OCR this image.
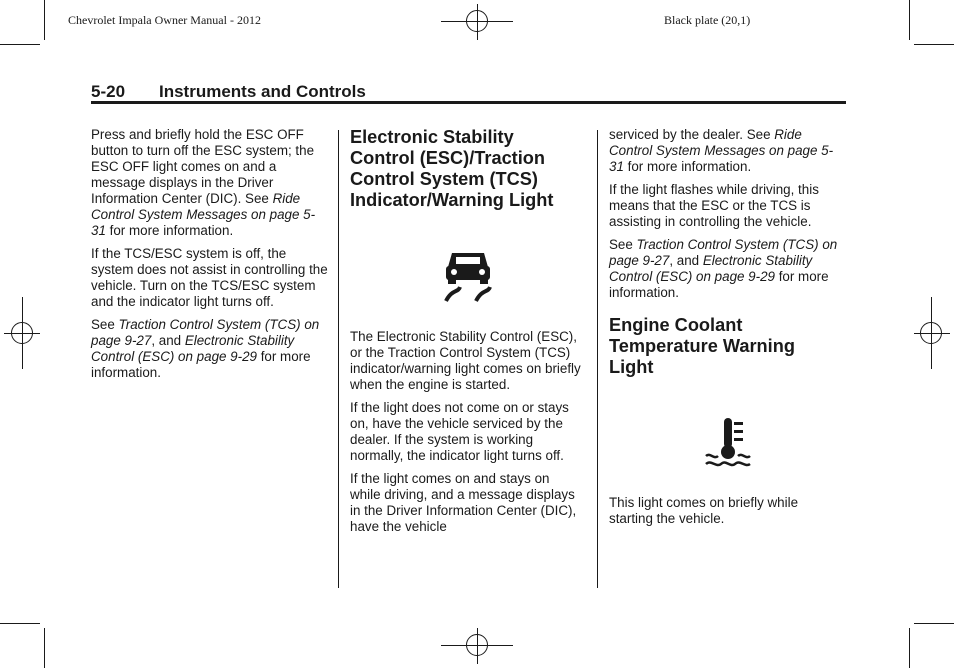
Chevrolet Impala Owner Manual - 2012	Black plate (20,1)
5-20 Instruments and Controls

Press and briefly hold the ESC OFF button to turn off the ESC system; the ESC OFF light comes on and a message displays in the Driver Information Center (DIC). See Ride Control System Messages on page 5-31 for more information.

If the TCS/ESC system is off, the system does not assist in controlling the vehicle. Turn on the TCS/ESC system and the indicator light turns off.

See Traction Control System (TCS) on page 9-27, and Electronic Stability Control (ESC) on page 9-29 for more information.

Electronic Stability Control (ESC)/Traction Control System (TCS) Indicator/Warning Light

The Electronic Stability Control (ESC), or the Traction Control System (TCS) indicator/warning light comes on briefly when the engine is started.

If the light does not come on or stays on, have the vehicle serviced by the dealer. If the system is working normally, the indicator light turns off.

If the light comes on and stays on while driving, and a message displays in the Driver Information Center (DIC), have the vehicle

serviced by the dealer. See Ride Control System Messages on page 5-31 for more information.

If the light flashes while driving, this means that the ESC or the TCS is assisting in controlling the vehicle.

See Traction Control System (TCS) on page 9-27, and Electronic Stability Control (ESC) on page 9-29 for more information.

Engine Coolant Temperature Warning Light

This light comes on briefly while starting the vehicle.
